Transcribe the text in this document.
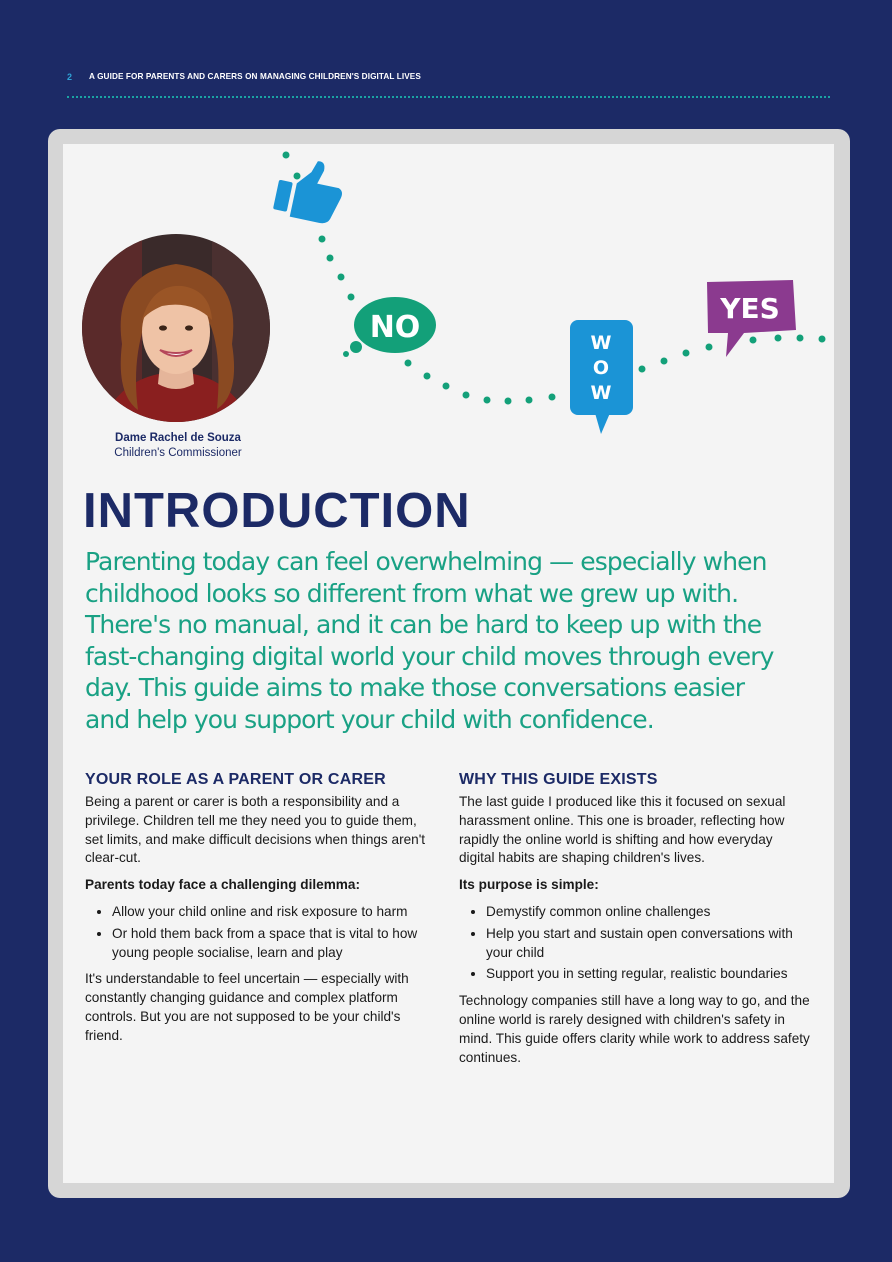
2 A GUIDE FOR PARENTS AND CARERS ON MANAGING CHILDREN'S DIGITAL LIVES
Dame Rachel de Souza
Children's Commissioner
NO	W
O
W
YES
INTRODUCTION
Parenting today can feel overwhelming — especially when
childhood looks so different from what we grew up with.
There's no manual, and it can be hard to keep up with the
fast-changing digital world your child moves through every
day. This guide aims to make those conversations easier
and help you support your child with confidence.
YOUR ROLE AS A PARENT OR CARER

Being a parent or carer is both a responsibility and a privilege. Children tell me they need you to guide them, set limits, and make difficult decisions when things aren't clear-cut.

Parents today face a challenging dilemma:

• Allow your child online and risk exposure to harm
• Or hold them back from a space that is vital to how young people socialise, learn and play

It's understandable to feel uncertain — especially with constantly changing guidance and complex platform controls. But you are not supposed to be your child's friend.

WHY THIS GUIDE EXISTS

The last guide I produced like this it focused on sexual harassment online. This one is broader, reflecting how rapidly the online world is shifting and how everyday digital habits are shaping children's lives.

Its purpose is simple:

• Demystify common online challenges
• Help you start and sustain open conversations with your child
• Support you in setting regular, realistic boundaries

Technology companies still have a long way to go, and the online world is rarely designed with children's safety in mind. This guide offers clarity while work to address safety continues.
